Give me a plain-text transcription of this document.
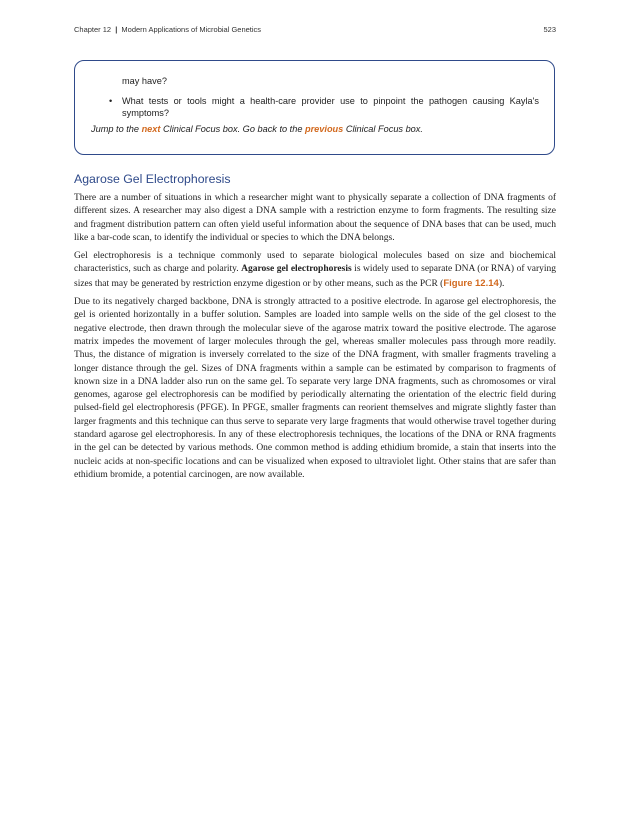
Chapter 12 | Modern Applications of Microbial Genetics	523
may have?
•	What tests or tools might a health-care provider use to pinpoint the pathogen causing Kayla's symptoms?
Jump to the next Clinical Focus box. Go back to the previous Clinical Focus box.
Agarose Gel Electrophoresis

There are a number of situations in which a researcher might want to physically separate a collection of DNA fragments of different sizes. A researcher may also digest a DNA sample with a restriction enzyme to form fragments. The resulting size and fragment distribution pattern can often yield useful information about the sequence of DNA bases that can be used, much like a bar-code scan, to identify the individual or species to which the DNA belongs.

Gel electrophoresis is a technique commonly used to separate biological molecules based on size and biochemical characteristics, such as charge and polarity. Agarose gel electrophoresis is widely used to separate DNA (or RNA) of varying sizes that may be generated by restriction enzyme digestion or by other means, such as the PCR (Figure 12.14).

Due to its negatively charged backbone, DNA is strongly attracted to a positive electrode. In agarose gel electrophoresis, the gel is oriented horizontally in a buffer solution. Samples are loaded into sample wells on the side of the gel closest to the negative electrode, then drawn through the molecular sieve of the agarose matrix toward the positive electrode. The agarose matrix impedes the movement of larger molecules through the gel, whereas smaller molecules pass through more readily. Thus, the distance of migration is inversely correlated to the size of the DNA fragment, with smaller fragments traveling a longer distance through the gel. Sizes of DNA fragments within a sample can be estimated by comparison to fragments of known size in a DNA ladder also run on the same gel. To separate very large DNA fragments, such as chromosomes or viral genomes, agarose gel electrophoresis can be modified by periodically alternating the orientation of the electric field during pulsed-field gel electrophoresis (PFGE). In PFGE, smaller fragments can reorient themselves and migrate slightly faster than larger fragments and this technique can thus serve to separate very large fragments that would otherwise travel together during standard agarose gel electrophoresis. In any of these electrophoresis techniques, the locations of the DNA or RNA fragments in the gel can be detected by various methods. One common method is adding ethidium bromide, a stain that inserts into the nucleic acids at non-specific locations and can be visualized when exposed to ultraviolet light. Other stains that are safer than ethidium bromide, a potential carcinogen, are now available.
